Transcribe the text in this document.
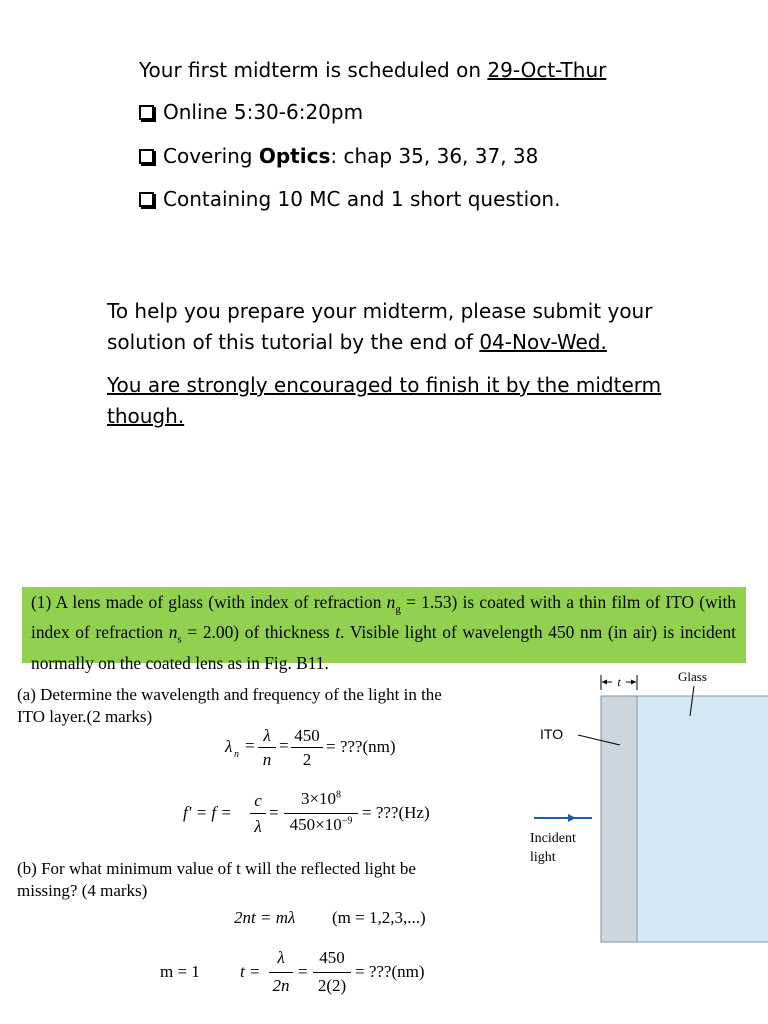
Your first midterm is scheduled on 29-Oct-Thur
Online 5:30-6:20pm
Covering Optics: chap 35, 36, 37, 38
Containing 10 MC and 1 short question.
To help you prepare your midterm, please submit your
solution of this tutorial by the end of 04-Nov-Wed.
You are strongly encouraged to finish it by the midterm
though.

(1) A lens made of glass (with index of refraction $n_g = 1.53$) is coated with a thin film of ITO (with index of refraction $n_s = 2.00$) of thickness t. Visible light of wavelength 450 nm (in air) is incident normally on the coated lens as in Fig. B11.

(a) Determine the wavelength and frequency of the light in the
ITO layer.(2 marks)
λ n =
λ
n
=
450
2
= ???(nm)
f′ = f =
c
λ
=
$3\times 10^8$
$450\times 10^{-9}$ = ???(Hz)
(b) For what minimum value of t will the reflected light be
missing? (4 marks)
2nt = mλ (m = 1,2,3,...)
m = 1 t =
λ
2n
=
450
2(2)
= ???(nm)
t	Glass
ITO
Incident
light
